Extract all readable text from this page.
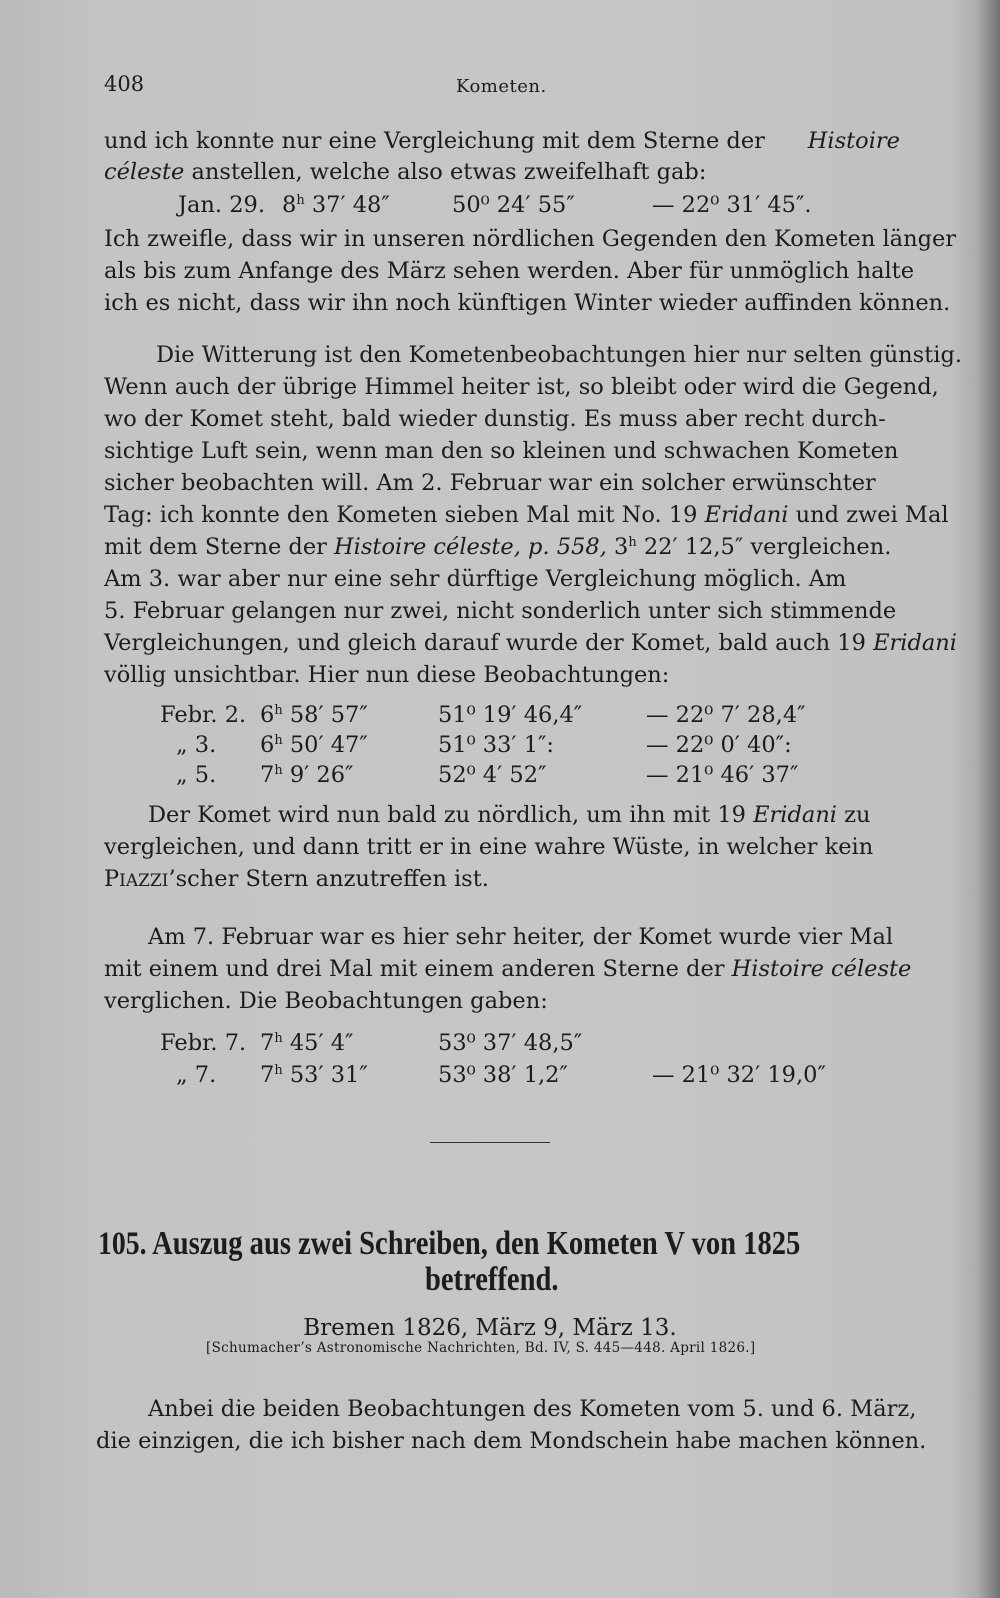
408	Kometen.
und ich konnte nur eine Vergleichung mit dem Sterne der Histoire
céleste anstellen, welche also etwas zweifelhaft gab:
Jan. 29. 8$^h$ 37′ 48″	50⁰ 24′ 55″	— 22⁰ 31′ 45″.
Ich zweifle, dass wir in unseren nördlichen Gegenden den Kometen länger
als bis zum Anfange des März sehen werden. Aber für unmöglich halte
ich es nicht, dass wir ihn noch künftigen Winter wieder auffinden können.
Die Witterung ist den Kometenbeobachtungen hier nur selten günstig.
Wenn auch der übrige Himmel heiter ist, so bleibt oder wird die Gegend,
wo der Komet steht, bald wieder dunstig. Es muss aber recht durch-
sichtige Luft sein, wenn man den so kleinen und schwachen Kometen
sicher beobachten will. Am 2. Februar war ein solcher erwünschter
Tag: ich konnte den Kometen sieben Mal mit No. 19 Eridani und zwei Mal
mit dem Sterne der Histoire céleste, p. 558, 3$^h$ 22′ 12,5″ vergleichen.
Am 3. war aber nur eine sehr dürftige Vergleichung möglich. Am
5. Februar gelangen nur zwei, nicht sonderlich unter sich stimmende
Vergleichungen, und gleich darauf wurde der Komet, bald auch 19 Eridani
völlig unsichtbar. Hier nun diese Beobachtungen:
Febr. 2. 6$^h$ 58′ 57″	51⁰ 19′ 46,4″	— 22⁰ 7′ 28,4″
„ 3. 6$^h$ 50′ 47″	51⁰ 33′ 1″:	— 22⁰ 0′ 40″:
„ 5. 7$^h$ 9′ 26″	52⁰ 4′ 52″	— 21⁰ 46′ 37″
Der Komet wird nun bald zu nördlich, um ihn mit 19 Eridani zu
vergleichen, und dann tritt er in eine wahre Wüste, in welcher kein
PIAZZI’scher Stern anzutreffen ist.
Am 7. Februar war es hier sehr heiter, der Komet wurde vier Mal
mit einem und drei Mal mit einem anderen Sterne der Histoire céleste
verglichen. Die Beobachtungen gaben:
Febr. 7. 7$^h$ 45′ 4″	53⁰ 37′ 48,5″
„ 7. 7$^h$ 53′ 31″	53⁰ 38′ 1,2″	— 21⁰ 32′ 19,0″
105. Auszug aus zwei Schreiben, den Kometen V von 1825
betreffend.
Bremen 1826, März 9, März 13.
[Schumacher’s Astronomische Nachrichten, Bd. IV, S. 445—448. April 1826.]
Anbei die beiden Beobachtungen des Kometen vom 5. und 6. März,
die einzigen, die ich bisher nach dem Mondschein habe machen können.
